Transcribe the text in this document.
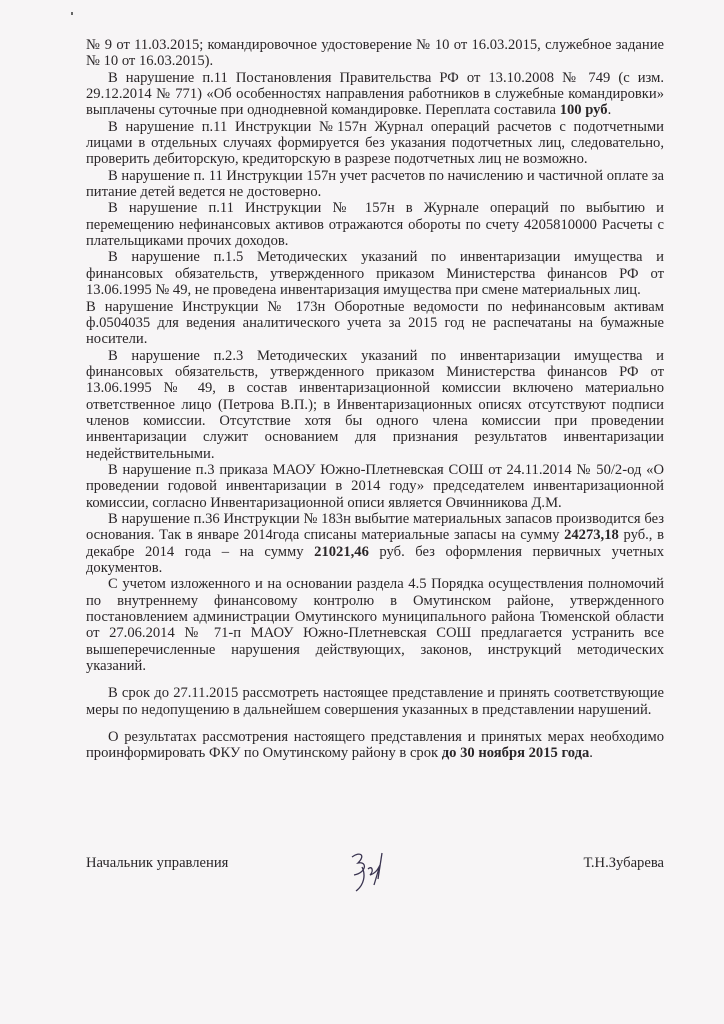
№ 9 от 11.03.2015; командировочное удостоверение № 10 от 16.03.2015, служебное задание № 10 от 16.03.2015).

В нарушение п.11 Постановления Правительства РФ от 13.10.2008 № 749 (с изм. 29.12.2014 № 771) «Об особенностях направления работников в служебные командировки» выплачены суточные при однодневной командировке. Переплата составила 100 руб.

В нарушение п.11 Инструкции №157н Журнал операций расчетов с подотчетными лицами в отдельных случаях формируется без указания подотчетных лиц, следовательно, проверить дебиторскую, кредиторскую в разрезе подотчетных лиц не возможно.

В нарушение п. 11 Инструкции 157н учет расчетов по начислению и частичной оплате за питание детей ведется не достоверно.

В нарушение п.11 Инструкции № 157н в Журнале операций по выбытию и перемещению нефинансовых активов отражаются обороты по счету 4205810000 Расчеты с плательщиками прочих доходов.

В нарушение п.1.5 Методических указаний по инвентаризации имущества и финансовых обязательств, утвержденного приказом Министерства финансов РФ от 13.06.1995 № 49, не проведена инвентаризация имущества при смене материальных лиц.

В нарушение Инструкции № 173н Оборотные ведомости по нефинансовым активам ф.0504035 для ведения аналитического учета за 2015 год не распечатаны на бумажные носители.

В нарушение п.2.3 Методических указаний по инвентаризации имущества и финансовых обязательств, утвержденного приказом Министерства финансов РФ от 13.06.1995 № 49, в состав инвентаризационной комиссии включено материально ответственное лицо (Петрова В.П.); в Инвентаризационных описях отсутствуют подписи членов комиссии. Отсутствие хотя бы одного члена комиссии при проведении инвентаризации служит основанием для признания результатов инвентаризации недействительными.

В нарушение п.3 приказа МАОУ Южно-Плетневская СОШ от 24.11.2014 № 50/2-од «О проведении годовой инвентаризации в 2014 году» председателем инвентаризационной комиссии, согласно Инвентаризационной описи является Овчинникова Д.М.

В нарушение п.36 Инструкции № 183н выбытие материальных запасов производится без основания. Так в январе 2014года списаны материальные запасы на сумму 24273,18 руб., в декабре 2014 года – на сумму 21021,46 руб. без оформления первичных учетных документов.

С учетом изложенного и на основании раздела 4.5 Порядка осуществления полномочий по внутреннему финансовому контролю в Омутинском районе, утвержденного постановлением администрации Омутинского муниципального района Тюменской области от 27.06.2014 № 71-п МАОУ Южно-Плетневская СОШ предлагается устранить все вышеперечисленные нарушения действующих, законов, инструкций методических указаний.

В срок до 27.11.2015 рассмотреть настоящее представление и принять соответствующие меры по недопущению в дальнейшем совершения указанных в представлении нарушений.

О результатах рассмотрения настоящего представления и принятых мерах необходимо проинформировать ФКУ по Омутинскому району в срок до 30 ноября 2015 года.

Начальник управления	Т.Н.Зубарева
